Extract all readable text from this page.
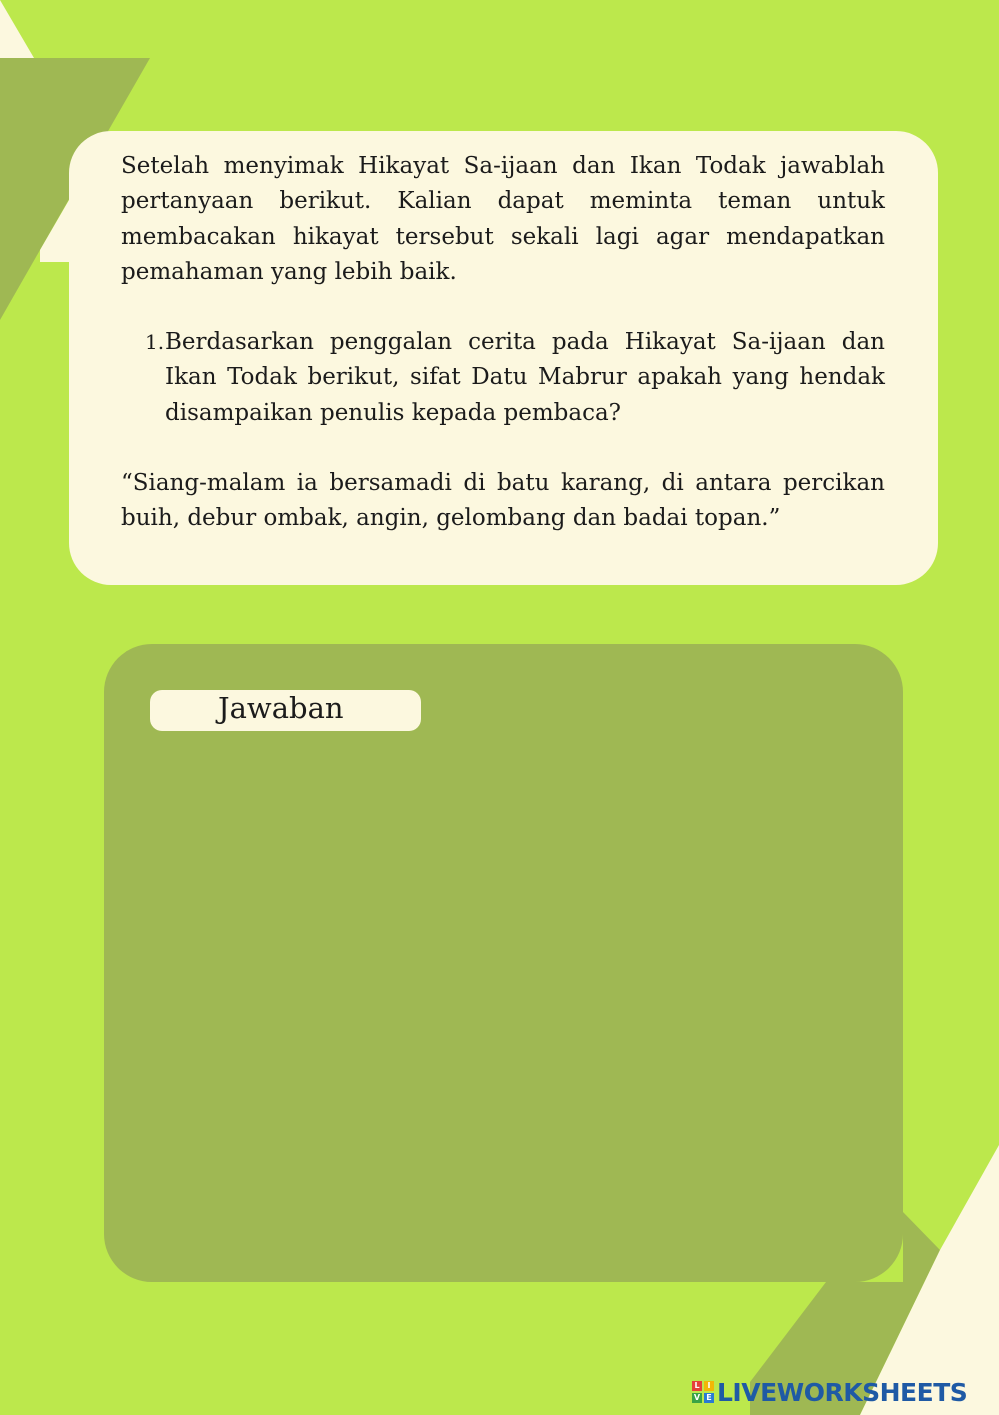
Setelah menyimak Hikayat Sa-ijaan dan Ikan Todak jawablah pertanyaan berikut. Kalian dapat meminta teman untuk membacakan hikayat tersebut sekali lagi agar mendapatkan pemahaman yang lebih baik.

1. Berdasarkan penggalan cerita pada Hikayat Sa-ijaan dan Ikan Todak berikut, sifat Datu Mabrur apakah yang hendak disampaikan penulis kepada pembaca?

“Siang-malam ia bersamadi di batu karang, di antara percikan buih, debur ombak, angin, gelombang dan badai topan.”

Jawaban
L I
V E LIVEWORKSHEETS
